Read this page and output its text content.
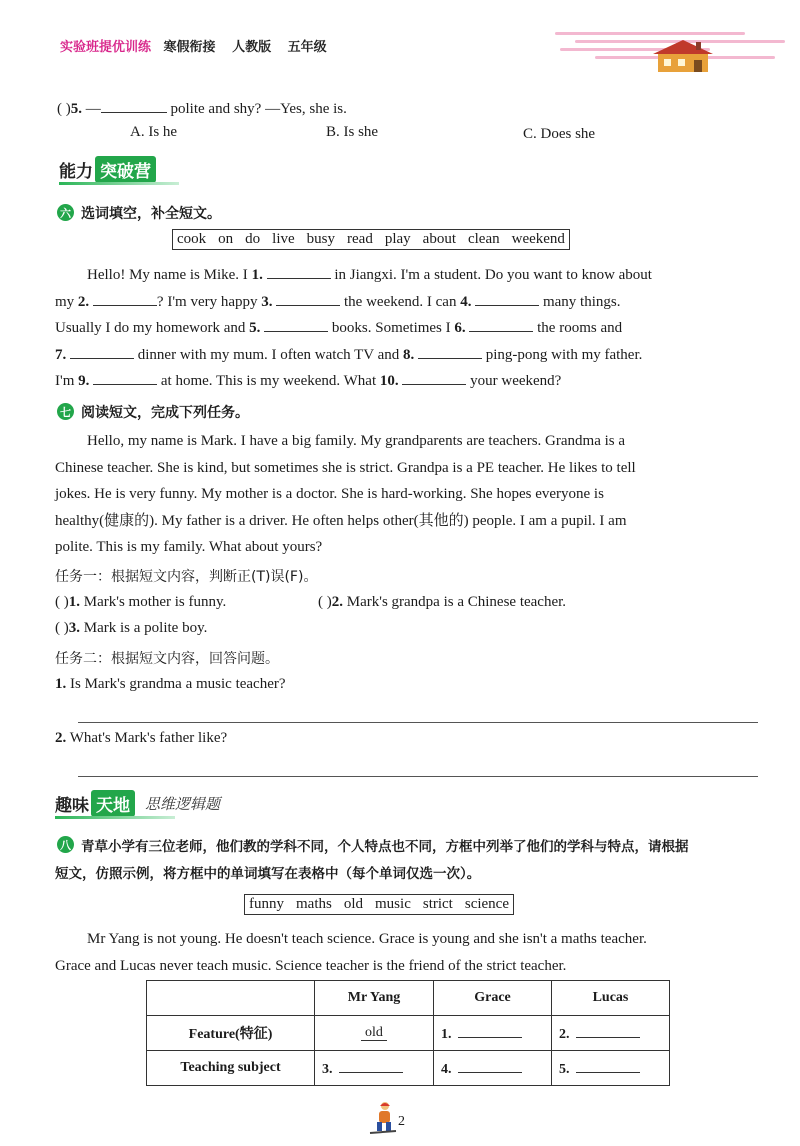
实验班提优训练 寒假衔接 人教版 五年级
( )5. —	polite and shy? —Yes, she is.
A. Is he	B. Is she	C. Does she
能力 突破营
六 选词填空，补全短文。
cook on do live busy read play about clean weekend
Hello! My name is Mike. I 1.	in Jiangxi. I'm a student. Do you want to know about
my 2.	? I'm very happy 3.	the weekend. I can 4.	many things.
Usually I do my homework and 5.	books. Sometimes I 6.	the rooms and
7.	dinner with my mum. I often watch TV and 8.	ping-pong with my father.
I'm 9.	at home. This is my weekend. What 10.	your weekend?
七 阅读短文，完成下列任务。
Hello, my name is Mark. I have a big family. My grandparents are teachers. Grandma is a
Chinese teacher. She is kind, but sometimes she is strict. Grandpa is a PE teacher. He likes to tell
jokes. He is very funny. My mother is a doctor. She is hard-working. She hopes everyone is
healthy(健康的). My father is a driver. He often helps other(其他的) people. I am a pupil. I am
polite. This is my family. What about yours?
任务一：根据短文内容，判断正(T)误(F)。
( )1. Mark's mother is funny.	( )2. Mark's grandpa is a Chinese teacher.
( )3. Mark is a polite boy.
任务二：根据短文内容，回答问题。
1. Is Mark's grandma a music teacher?
2. What's Mark's father like?
趣味 天地	思维逻辑题
八 青草小学有三位老师，他们教的学科不同，个人特点也不同，方框中列举了他们的学科与特点，请根据
短文，仿照示例，将方框中的单词填写在表格中（每个单词仅选一次）。
funny maths old music strict science
Mr Yang is not young. He doesn't teach science. Grace is young and she isn't a maths teacher.
Grace and Lucas never teach music. Science teacher is the friend of the strict teacher.
	Mr Yang	Grace	Lucas
Feature(特征)	old	1.	2.
Teaching subject	3.	4.	5.
2
